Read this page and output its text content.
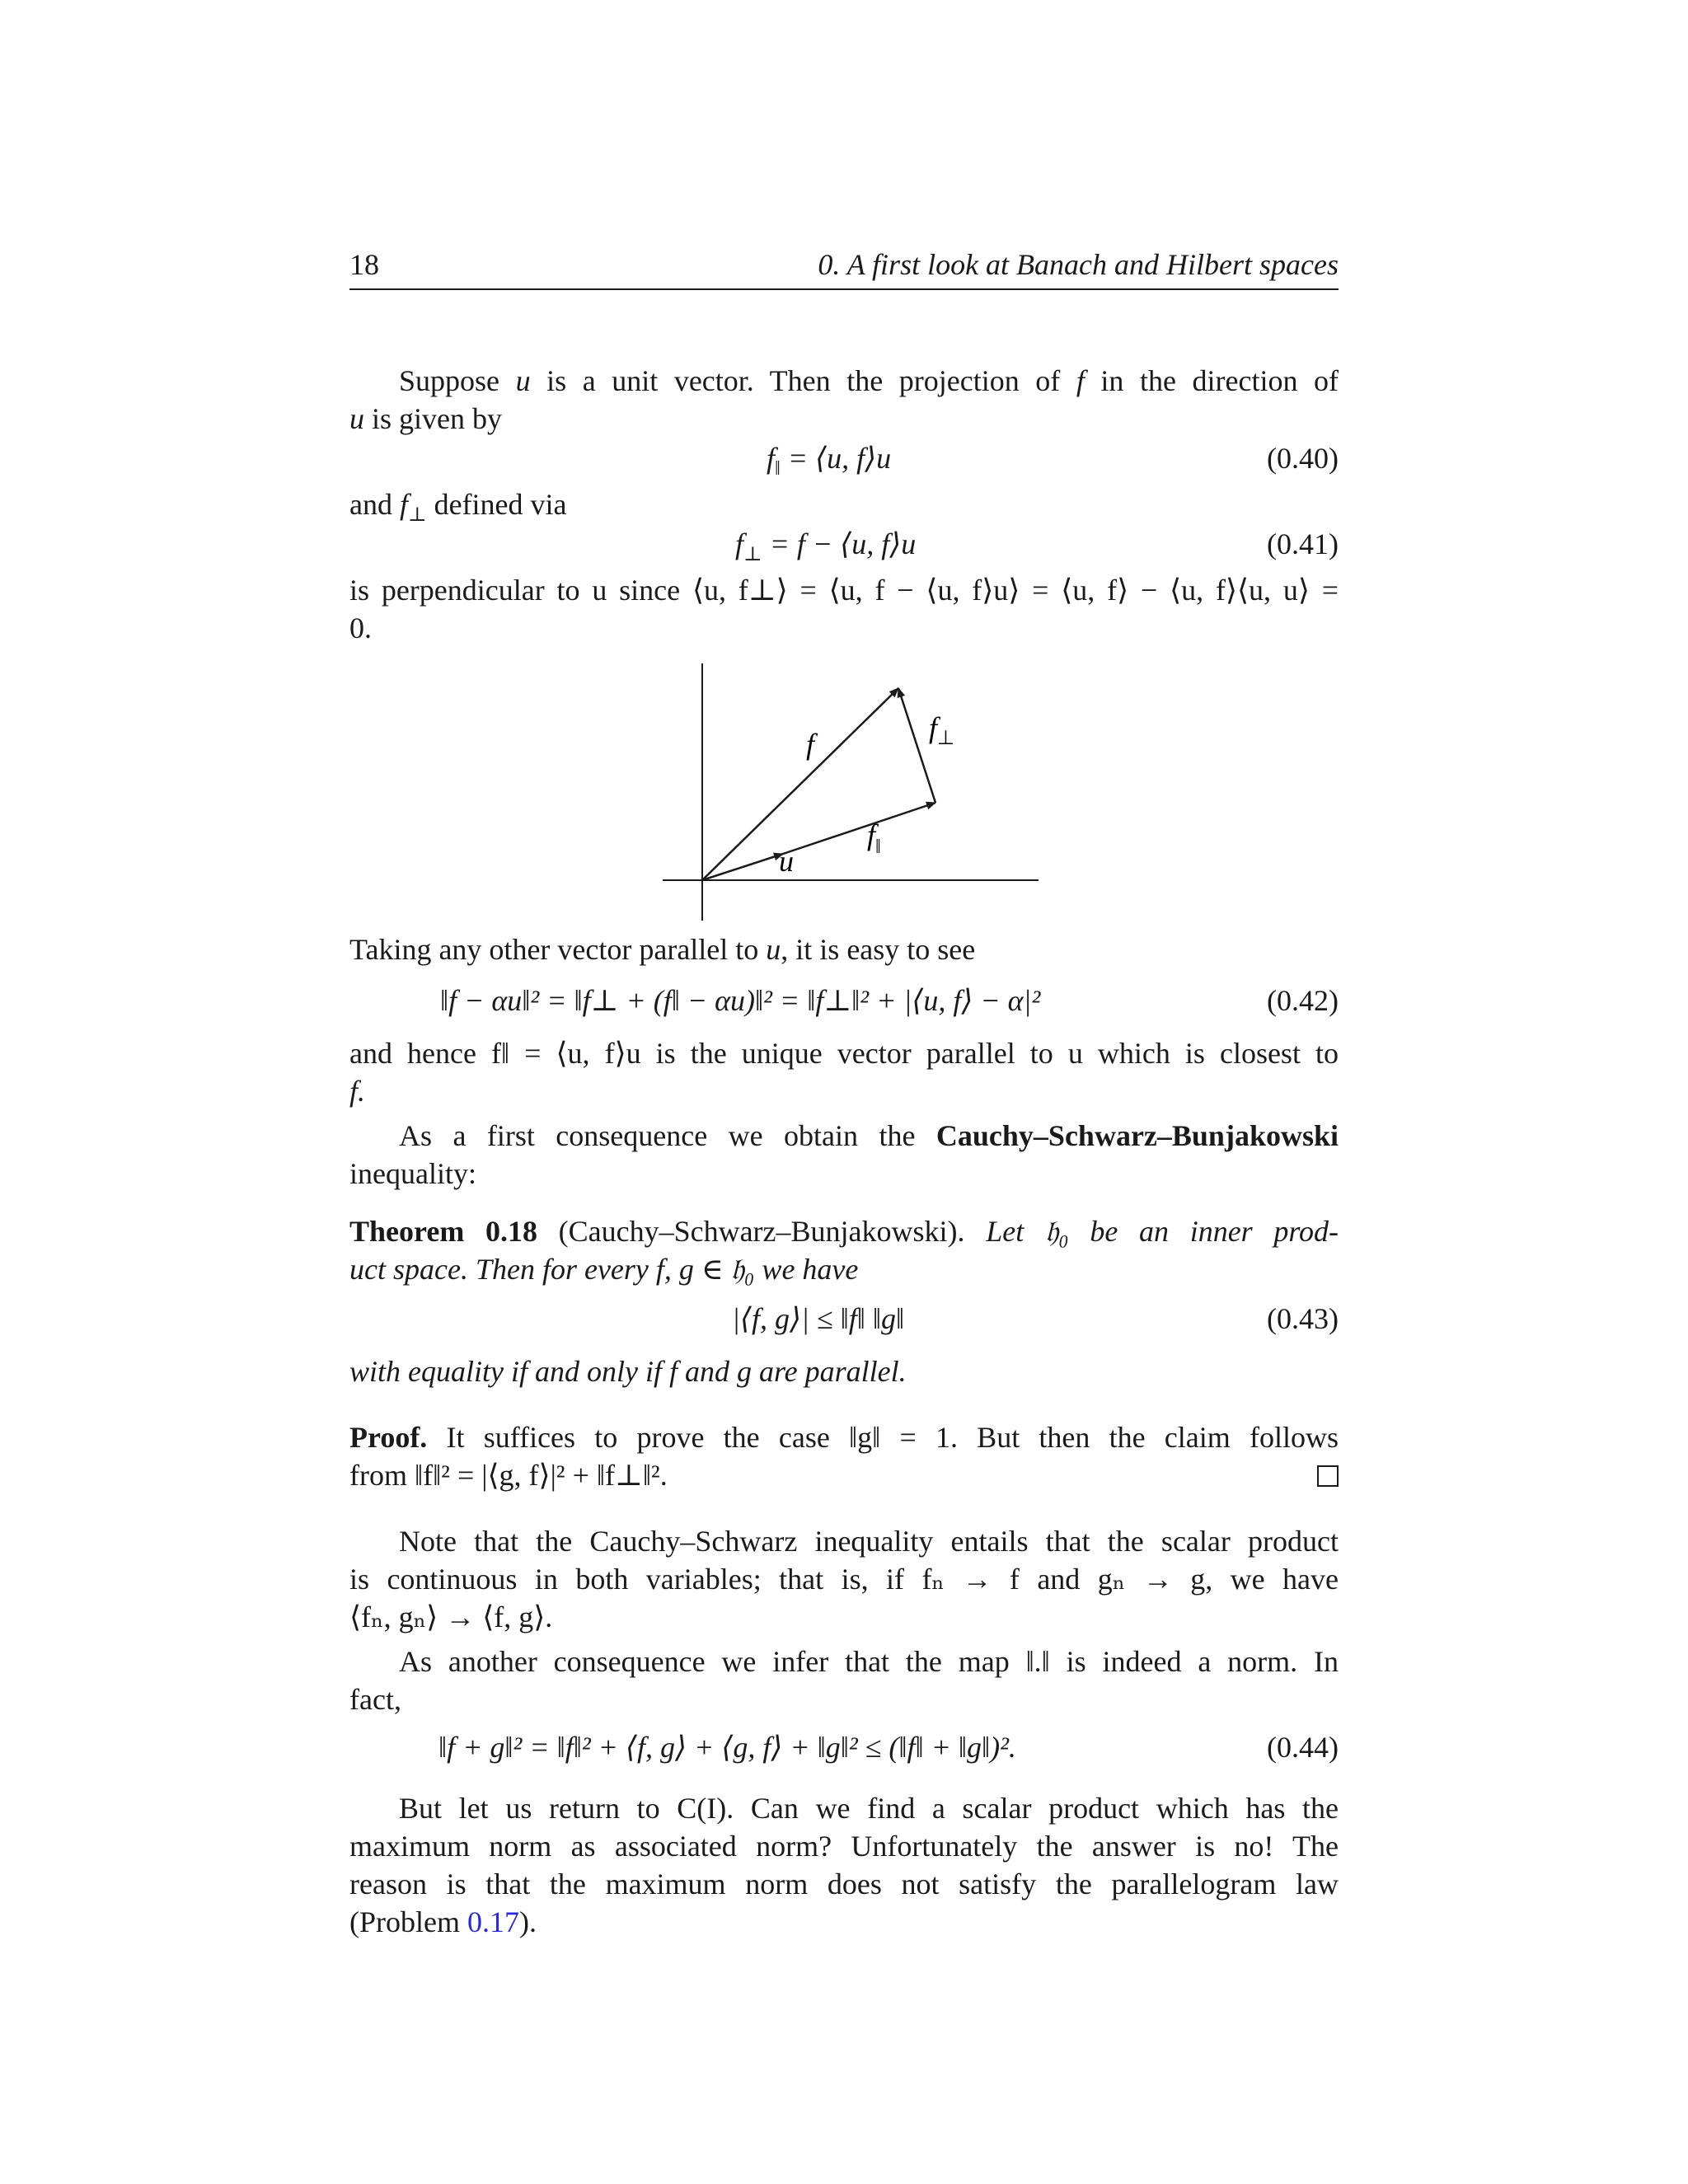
18	0. A first look at Banach and Hilbert spaces
Suppose u is a unit vector. Then the projection of f in the direction of
u is given by
$f_‖$ = ⟨u, f⟩u	(0.40)
and $f_\perp$ defined via
$f_\perp = f$ − ⟨u, f⟩u	(0.41)
is perpendicular to u since ⟨u, f⊥⟩ = ⟨u, f − ⟨u, f⟩u⟩ = ⟨u, f⟩ − ⟨u, f⟩⟨u, u⟩ =
0.
f	$f_\perp$
$f_‖$
u
Taking any other vector parallel to u, it is easy to see
‖f − αu‖² = ‖f⊥ + (f‖ − αu)‖² = ‖f⊥‖² + |⟨u, f⟩ − α|²	(0.42)
and hence f‖ = ⟨u, f⟩u is the unique vector parallel to u which is closest to
f.
As a first consequence we obtain the Cauchy–Schwarz–Bunjakowski
inequality:
Theorem 0.18 (Cauchy–Schwarz–Bunjakowski). Let 𝔥₀ be an inner prod-
uct space. Then for every f, g ∈ 𝔥₀ we have
|⟨f, g⟩| ≤ ‖f‖ ‖g‖	(0.43)
with equality if and only if f and g are parallel.
Proof. It suffices to prove the case ‖g‖ = 1. But then the claim follows
from ‖f‖² = |⟨g, f⟩|² + ‖f⊥‖².
Note that the Cauchy–Schwarz inequality entails that the scalar product
is continuous in both variables; that is, if fₙ → f and gₙ → g, we have
⟨fₙ, gₙ⟩ → ⟨f, g⟩.
As another consequence we infer that the map ‖.‖ is indeed a norm. In
fact,
‖f + g‖² = ‖f‖² + ⟨f, g⟩ + ⟨g, f⟩ + ‖g‖² ≤ (‖f‖ + ‖g‖)².	(0.44)
But let us return to C(I). Can we find a scalar product which has the
maximum norm as associated norm? Unfortunately the answer is no! The
reason is that the maximum norm does not satisfy the parallelogram law
(Problem 0.17).
